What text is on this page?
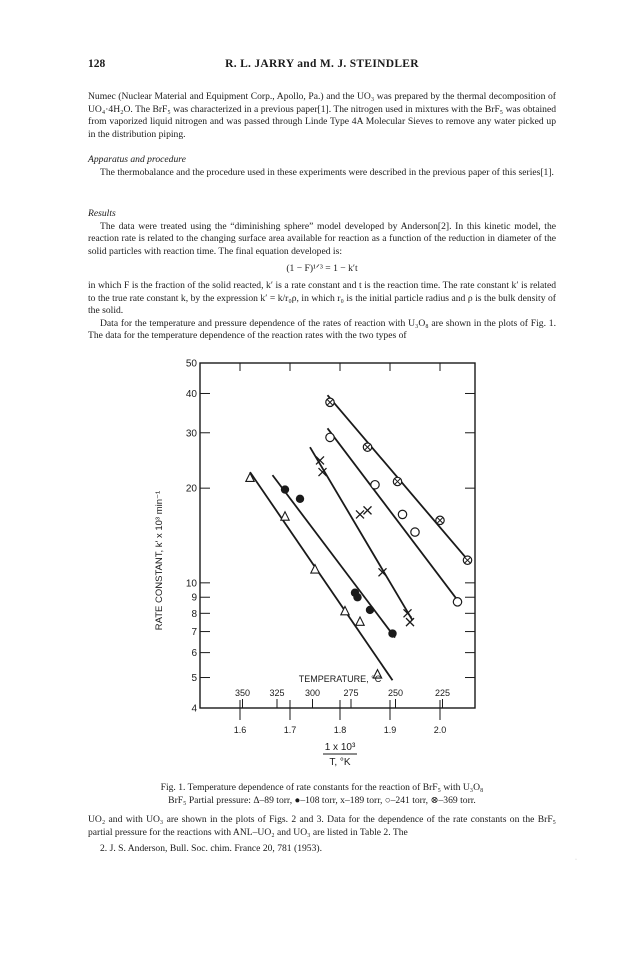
128	R. L. JARRY and M. J. STEINDLER

Numec (Nuclear Material and Equipment Corp., Apollo, Pa.) and the UO₃ was prepared by the thermal decomposition of UO₄·4H₂O. The BrF₅ was characterized in a previous paper[1]. The nitrogen used in mixtures with the BrF₅ was obtained from vaporized liquid nitrogen and was passed through Linde Type 4A Molecular Sieves to remove any water picked up in the distribution piping.

Apparatus and procedure

The thermobalance and the procedure used in these experiments were described in the previous paper of this series[1].

Results

The data were treated using the “diminishing sphere” model developed by Anderson[2]. In this kinetic model, the reaction rate is related to the changing surface area available for reaction as a function of the reduction in diameter of the solid particles with reaction time. The final equation developed is:

(1 − F)¹ᐟ³ = 1 − k′t

in which F is the fraction of the solid reacted, k′ is a rate constant and t is the reaction time. The rate constant k′ is related to the true rate constant k, by the expression k′ = k/r₀ρ, in which r₀ is the initial particle radius and ρ is the bulk density of the solid.

Data for the temperature and pressure dependence of the rates of reaction with U₃O₈ are shown in the plots of Fig. 1. The data for the temperature dependence of the reaction rates with the two types of

4
5
6
7
8
9
10
20
30
40
50
1.6	1.7	1.8	1.9	2.0
350 325 300	275	250	225
TEMPERATURE, °C
RATE CONSTANT, k′ x 10³ min⁻¹
1 x 10³
T, °K

Fig. 1. Temperature dependence of rate constants for the reaction of BrF₅ with U₃O₈

BrF₅ Partial pressure: Δ–89 torr, ●–108 torr, x–189 torr, ○–241 torr, ⊗–369 torr.

UO₂ and with UO₃ are shown in the plots of Figs. 2 and 3. Data for the dependence of the rate constants on the BrF₅ partial pressure for the reactions with ANL–UO₂ and UO₃ are listed in Table 2. The

2. J. S. Anderson, Bull. Soc. chim. France 20, 781 (1953).

·
